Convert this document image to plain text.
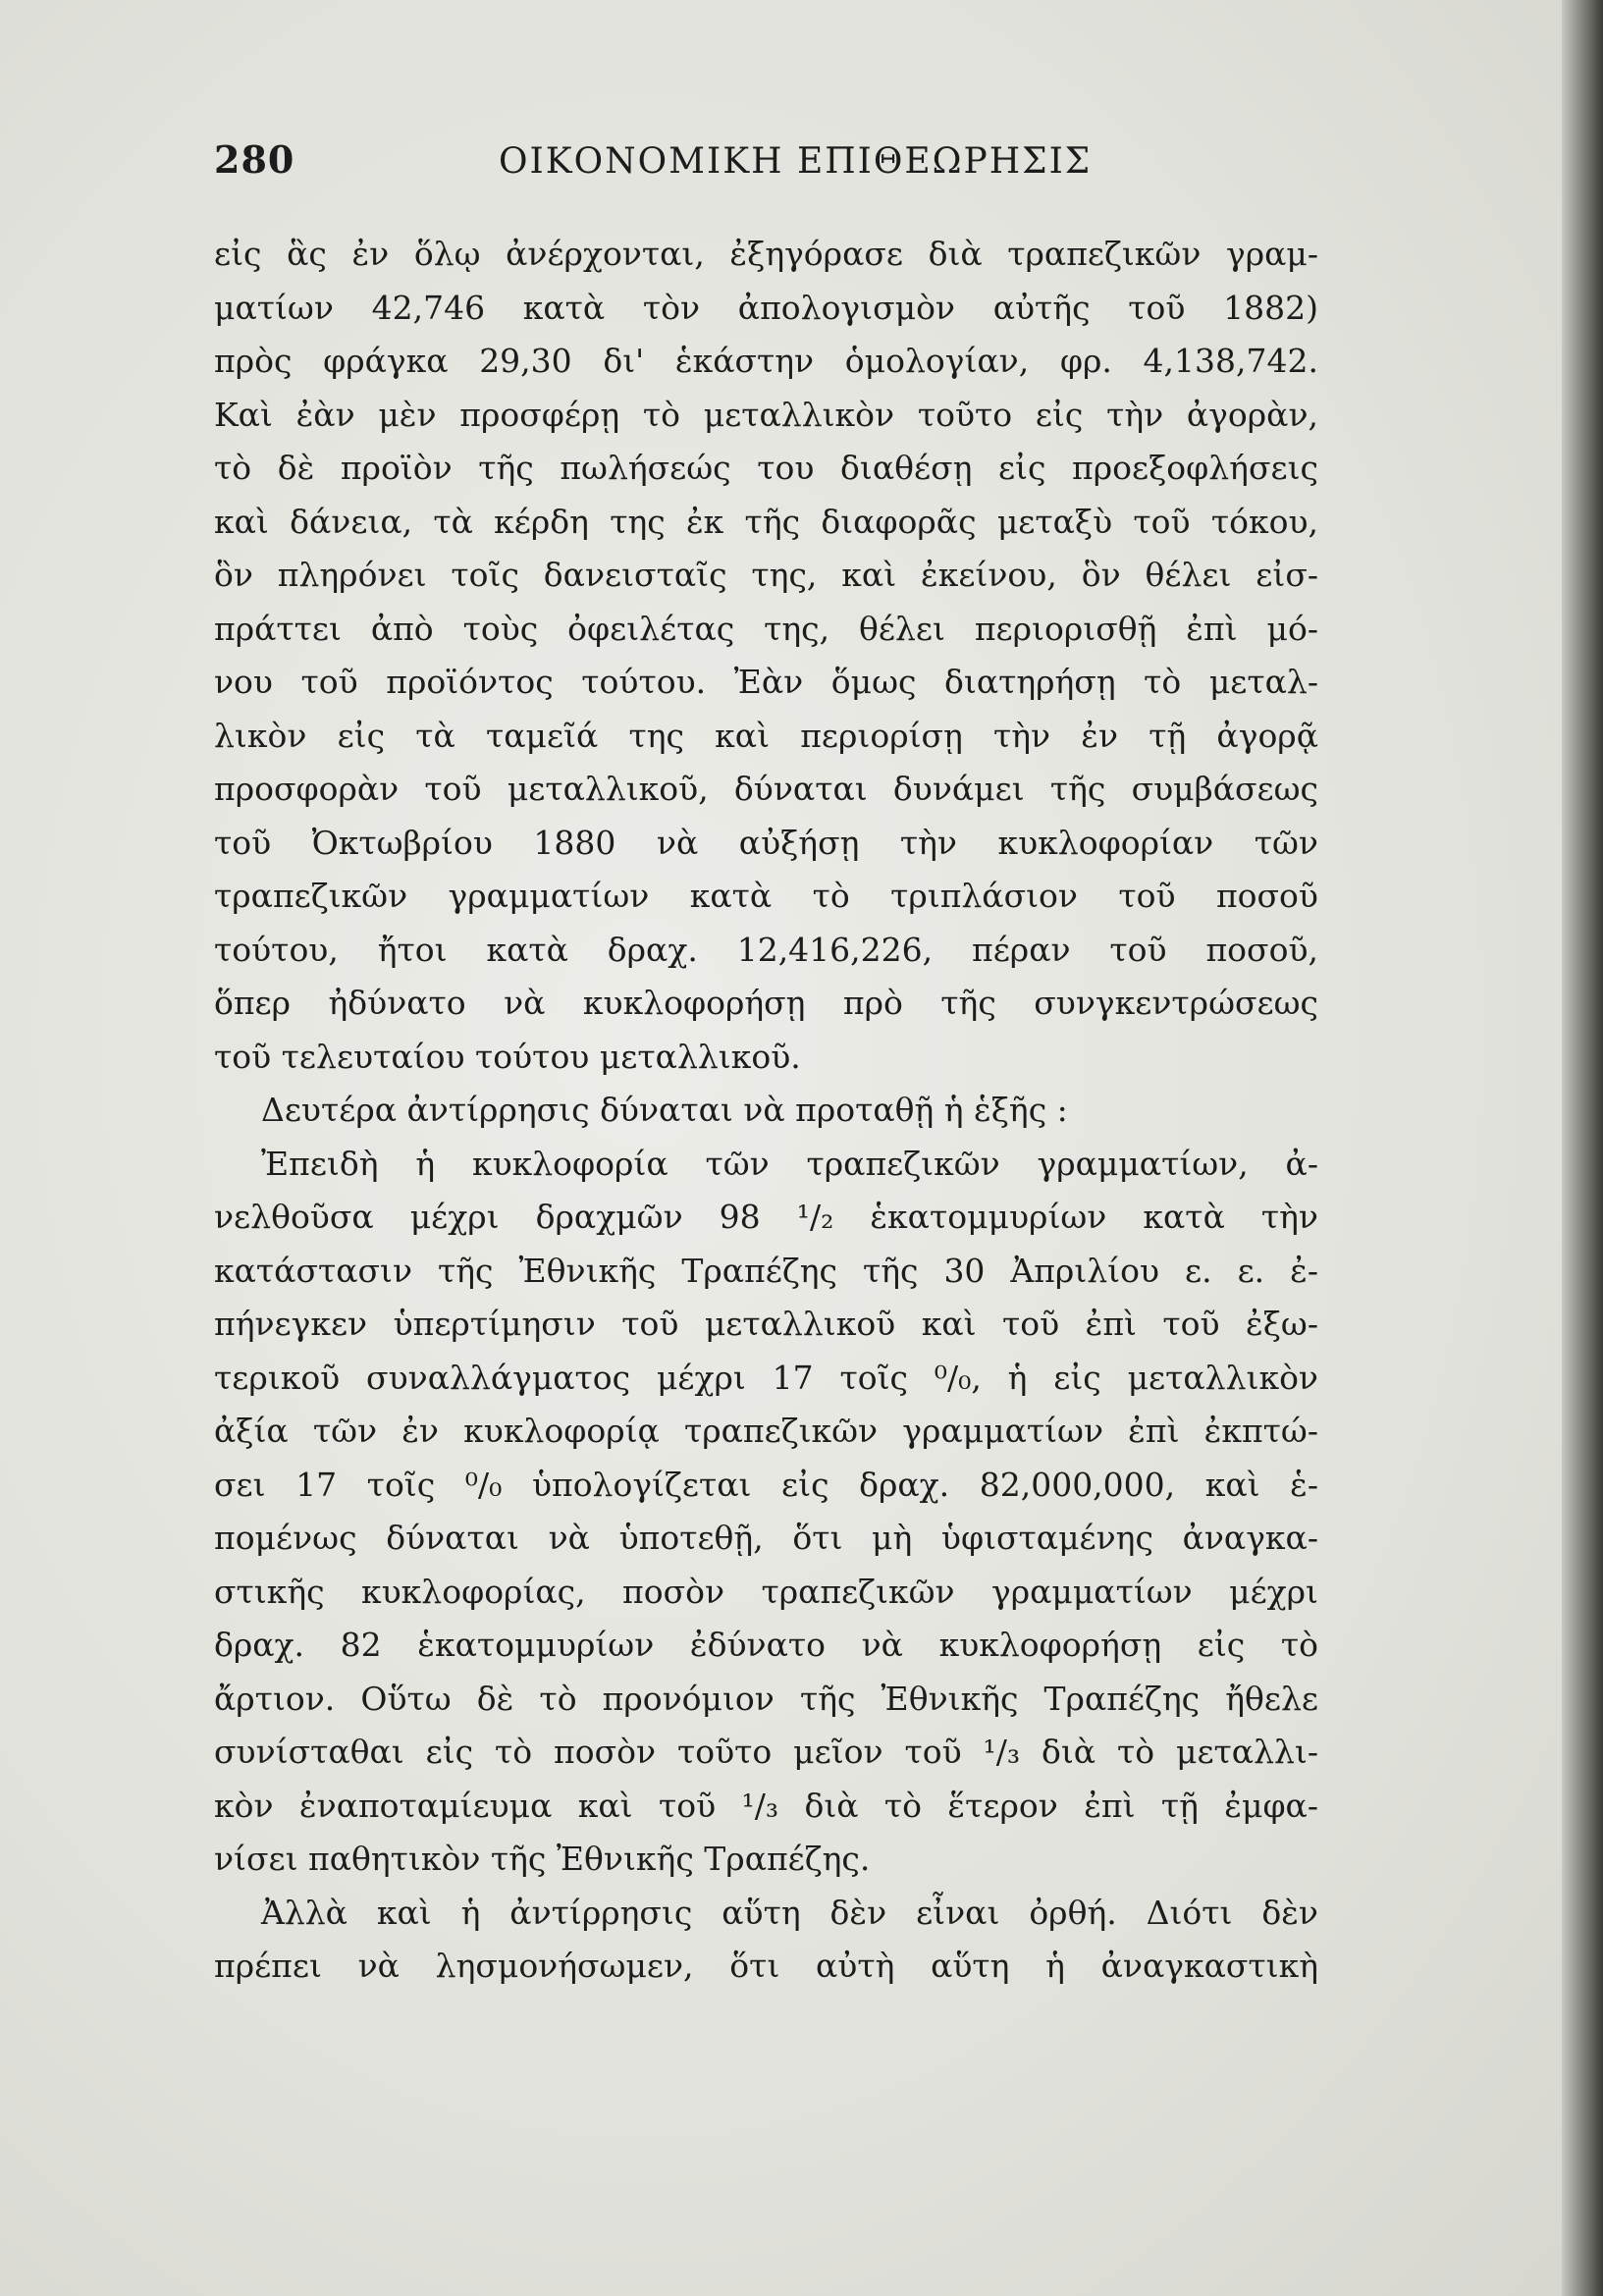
280	ΟΙΚΟΝΟΜΙΚΗ ΕΠΙΘΕΩΡΗΣΙΣ
εἰς ἃς ἐν ὅλῳ ἀνέρχονται, ἐξηγόρασε διὰ τραπεζικῶν γραμ-
ματίων 42,746 κατὰ τὸν ἀπολογισμὸν αὐτῆς τοῦ 1882)
πρὸς φράγκα 29,30 δι' ἑκάστην ὁμολογίαν, φρ. 4,138,742.
Καὶ ἐὰν μὲν προσφέρῃ τὸ μεταλλικὸν τοῦτο εἰς τὴν ἀγορὰν,
τὸ δὲ προϊὸν τῆς πωλήσεώς του διαθέσῃ εἰς προεξοφλήσεις
καὶ δάνεια, τὰ κέρδη της ἐκ τῆς διαφορᾶς μεταξὺ τοῦ τόκου,
ὃν πληρόνει τοῖς δανεισταῖς της, καὶ ἐκείνου, ὃν θέλει εἰσ-
πράττει ἀπὸ τοὺς ὀφειλέτας της, θέλει περιορισθῇ ἐπὶ μό-
νου τοῦ προϊόντος τούτου. Ἐὰν ὅμως διατηρήσῃ τὸ μεταλ-
λικὸν εἰς τὰ ταμεῖά της καὶ περιορίσῃ τὴν ἐν τῇ ἀγορᾷ
προσφορὰν τοῦ μεταλλικοῦ, δύναται δυνάμει τῆς συμβάσεως
τοῦ Ὀκτωβρίου 1880 νὰ αὐξήσῃ τὴν κυκλοφορίαν τῶν
τραπεζικῶν γραμματίων κατὰ τὸ τριπλάσιον τοῦ ποσοῦ
τούτου, ἤτοι κατὰ δραχ. 12,416,226, πέραν τοῦ ποσοῦ,
ὅπερ ἠδύνατο νὰ κυκλοφορήσῃ πρὸ τῆς συνγκεντρώσεως
τοῦ τελευταίου τούτου μεταλλικοῦ.
Δευτέρα ἀντίρρησις δύναται νὰ προταθῇ ἡ ἑξῆς :
Ἐπειδὴ ἡ κυκλοφορία τῶν τραπεζικῶν γραμματίων, ἀ-
νελθοῦσα μέχρι δραχμῶν 98 ¹/₂ ἑκατομμυρίων κατὰ τὴν
κατάστασιν τῆς Ἐθνικῆς Τραπέζης τῆς 30 Ἀπριλίου ε. ε. ἐ-
πήνεγκεν ὑπερτίμησιν τοῦ μεταλλικοῦ καὶ τοῦ ἐπὶ τοῦ ἐξω-
τερικοῦ συναλλάγματος μέχρι 17 τοῖς ⁰/₀, ἡ εἰς μεταλλικὸν
ἀξία τῶν ἐν κυκλοφορίᾳ τραπεζικῶν γραμματίων ἐπὶ ἐκπτώ-
σει 17 τοῖς ⁰/₀ ὑπολογίζεται εἰς δραχ. 82,000,000, καὶ ἑ-
πομένως δύναται νὰ ὑποτεθῇ, ὅτι μὴ ὑφισταμένης ἀναγκα-
στικῆς κυκλοφορίας, ποσὸν τραπεζικῶν γραμματίων μέχρι
δραχ. 82 ἑκατομμυρίων ἐδύνατο νὰ κυκλοφορήσῃ εἰς τὸ
ἄρτιον. Οὕτω δὲ τὸ προνόμιον τῆς Ἐθνικῆς Τραπέζης ἤθελε
συνίσταθαι εἰς τὸ ποσὸν τοῦτο μεῖον τοῦ ¹/₃ διὰ τὸ μεταλλι-
κὸν ἐναποταμίευμα καὶ τοῦ ¹/₃ διὰ τὸ ἕτερον ἐπὶ τῇ ἐμφα-
νίσει παθητικὸν τῆς Ἐθνικῆς Τραπέζης.
Ἀλλὰ καὶ ἡ ἀντίρρησις αὕτη δὲν εἶναι ὀρθή. Διότι δὲν
πρέπει νὰ λησμονήσωμεν, ὅτι αὐτὴ αὕτη ἡ ἀναγκαστικὴ
